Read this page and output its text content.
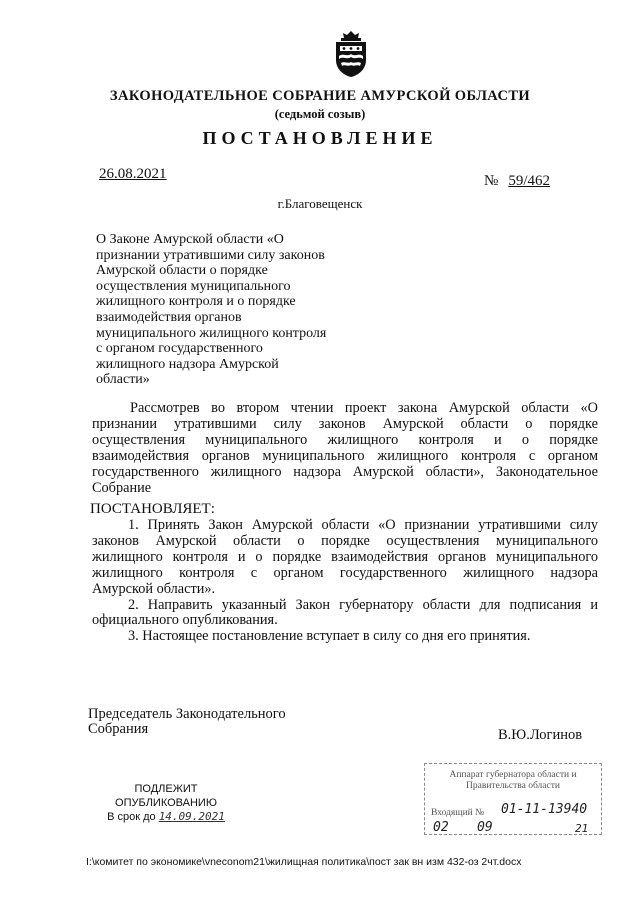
ЗАКОНОДАТЕЛЬНОЕ СОБРАНИЕ АМУРСКОЙ ОБЛАСТИ
(седьмой созыв)
ПОСТАНОВЛЕНИЕ
26.08.2021	№ 59/462
г.Благовещенск
О Законе Амурской области «О
признании утратившими силу законов
Амурской области о порядке
осуществления муниципального
жилищного контроля и о порядке
взаимодействия органов
муниципального жилищного контроля
с органом государственного
жилищного надзора Амурской
области»
Рассмотрев во втором чтении проект закона Амурской области «О
признании утратившими силу законов Амурской области о порядке
осуществления муниципального жилищного контроля и о порядке
взаимодействия органов муниципального жилищного контроля с органом
государственного жилищного надзора Амурской области», Законодательное
Собрание
ПОСТАНОВЛЯЕТ:
1. Принять Закон Амурской области «О признании утратившими силу
законов Амурской области о порядке осуществления муниципального
жилищного контроля и о порядке взаимодействия органов муниципального
жилищного контроля с органом государственного жилищного надзора
Амурской области».
2. Направить указанный Закон губернатору области для подписания и
официального опубликования.
3. Настоящее постановление вступает в силу со дня его принятия.
Председатель Законодательного
Собрания	В.Ю.Логинов
ПОДЛЕЖИТ
ОПУБЛИКОВАНИЮ
В срок до 14.09.2021
Аппарат губернатора области и
Правительства области
Входящий № 01-11-13940
02 09	21
I:\комитет по экономике\vneconom21\жилищная политика\пост зак вн изм 432-оз 2чт.docx
